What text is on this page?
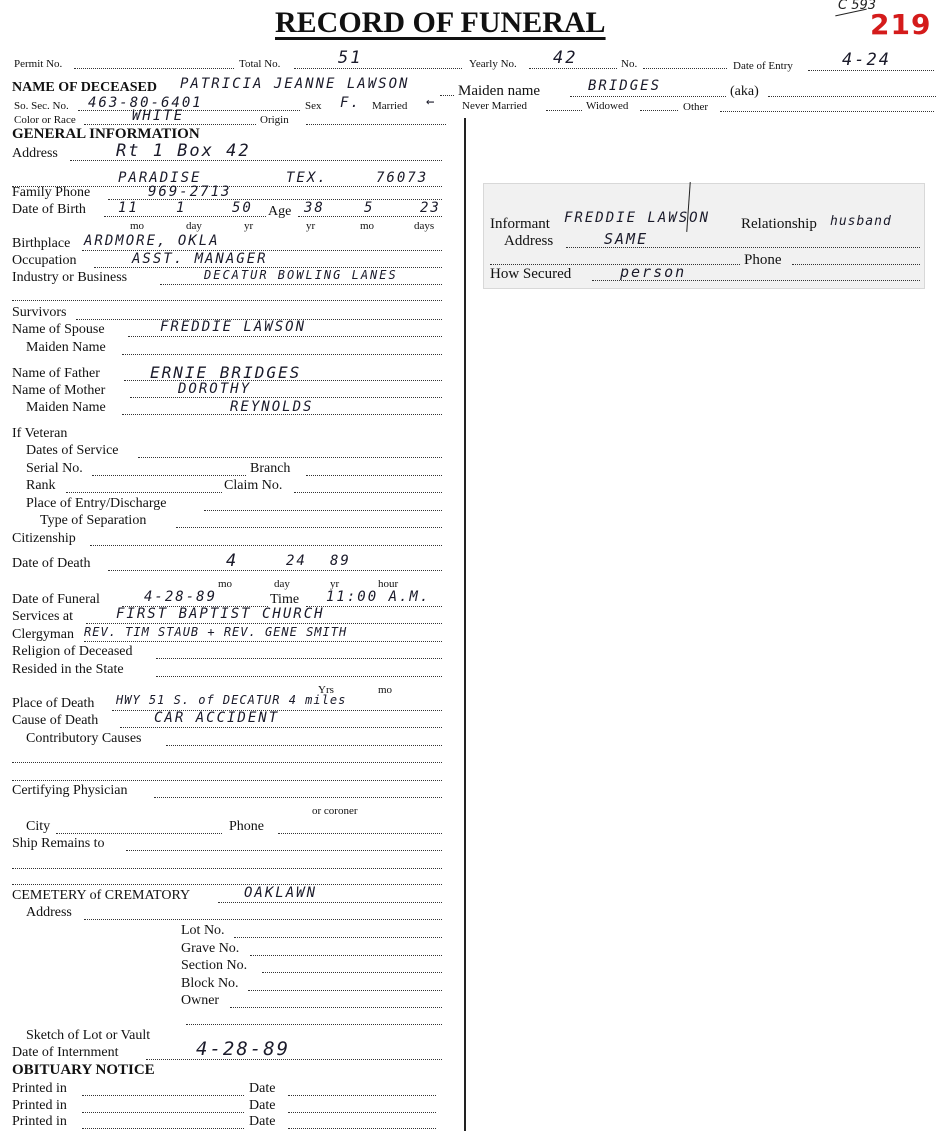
RECORD OF FUNERAL
C 593
219
Permit No.	Total No.	51	Yearly No. 42	No.	Date of Entry	4-24
NAME OF DECEASED PATRICIA JEANNE LAWSON	Maiden name	BRIDGES	(aka)
So. Sec. No. 463-80-6401	Sex F. Married ← Never Married	Widowed	Other
Color or Race	WHITE	Origin
GENERAL INFORMATION
Address	Rt 1 Box 42
PARADISE	TEX.	76073
Family Phone	969-2713
Date of Birth 11	1	50 Age 38	5	23
mo	day	yr	yr	mo	days
Birthplace ARDMORE, OKLA
Occupation	ASST. MANAGER
Industry or Business	DECATUR BOWLING LANES
Survivors
Name of Spouse	FREDDIE LAWSON
Maiden Name
Name of Father	ERNIE BRIDGES
Name of Mother	DOROTHY
Maiden Name	REYNOLDS
If Veteran
Dates of Service
Serial No.	Branch
Rank	Claim No.
Place of Entry/Discharge
Type of Separation
Citizenship
Date of Death	4	24 89
mo	day	yr	hour
Date of Funeral	4-28-89	Time 11:00 A.M.
Services at	FIRST BAPTIST CHURCH
Clergyman REV. TIM STAUB + REV. GENE SMITH
Religion of Deceased
Resided in the State
Yrs	mo
Place of Death HWY 51 S. of DECATUR 4 miles
Cause of Death	CAR ACCIDENT
Contributory Causes
Certifying Physician
or coroner
City	Phone
Ship Remains to
CEMETERY of CREMATORY	OAKLAWN
Address
Lot No.
Grave No.
Section No.
Block No.
Owner
Sketch of Lot or Vault
Date of Internment	4-28-89
OBITUARY NOTICE
Printed in	Date
Printed in	Date
Printed in	Date
Informant FREDDIE LAWSON Relationship husband
Address	SAME
Phone
How Secured	person
